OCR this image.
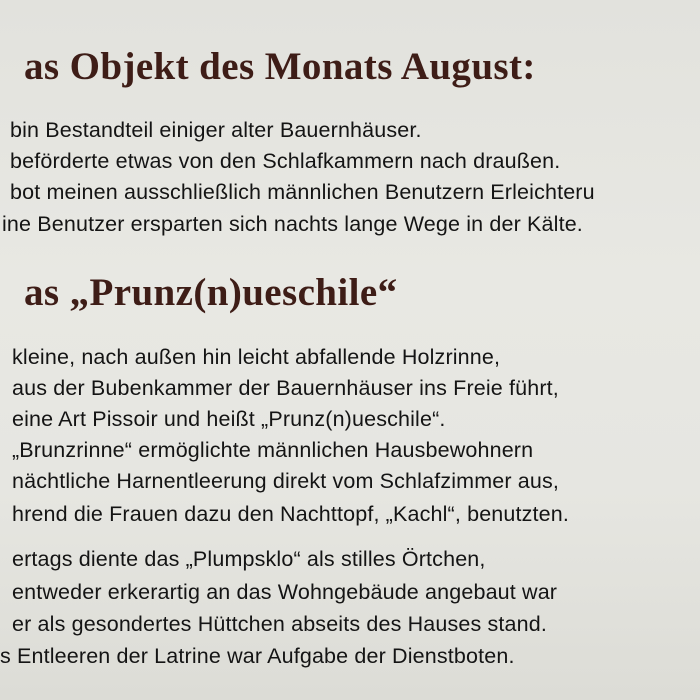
as Objekt des Monats August:

bin Bestandteil einiger alter Bauernhäuser.

beförderte etwas von den Schlafkammern nach draußen.

bot meinen ausschließlich männlichen Benutzern Erleichteru

ine Benutzer ersparten sich nachts lange Wege in der Kälte.

as „Prunz(n)ueschile“

kleine, nach außen hin leicht abfallende Holzrinne,

aus der Bubenkammer der Bauernhäuser ins Freie führt,

eine Art Pissoir und heißt „Prunz(n)ueschile“.

„Brunzrinne“ ermöglichte männlichen Hausbewohnern

nächtliche Harnentleerung direkt vom Schlafzimmer aus,

hrend die Frauen dazu den Nachttopf, „Kachl“, benutzten.

ertags diente das „Plumpsklo“ als stilles Örtchen,

entweder erkerartig an das Wohngebäude angebaut war

er als gesondertes Hüttchen abseits des Hauses stand.

s Entleeren der Latrine war Aufgabe der Dienstboten.
